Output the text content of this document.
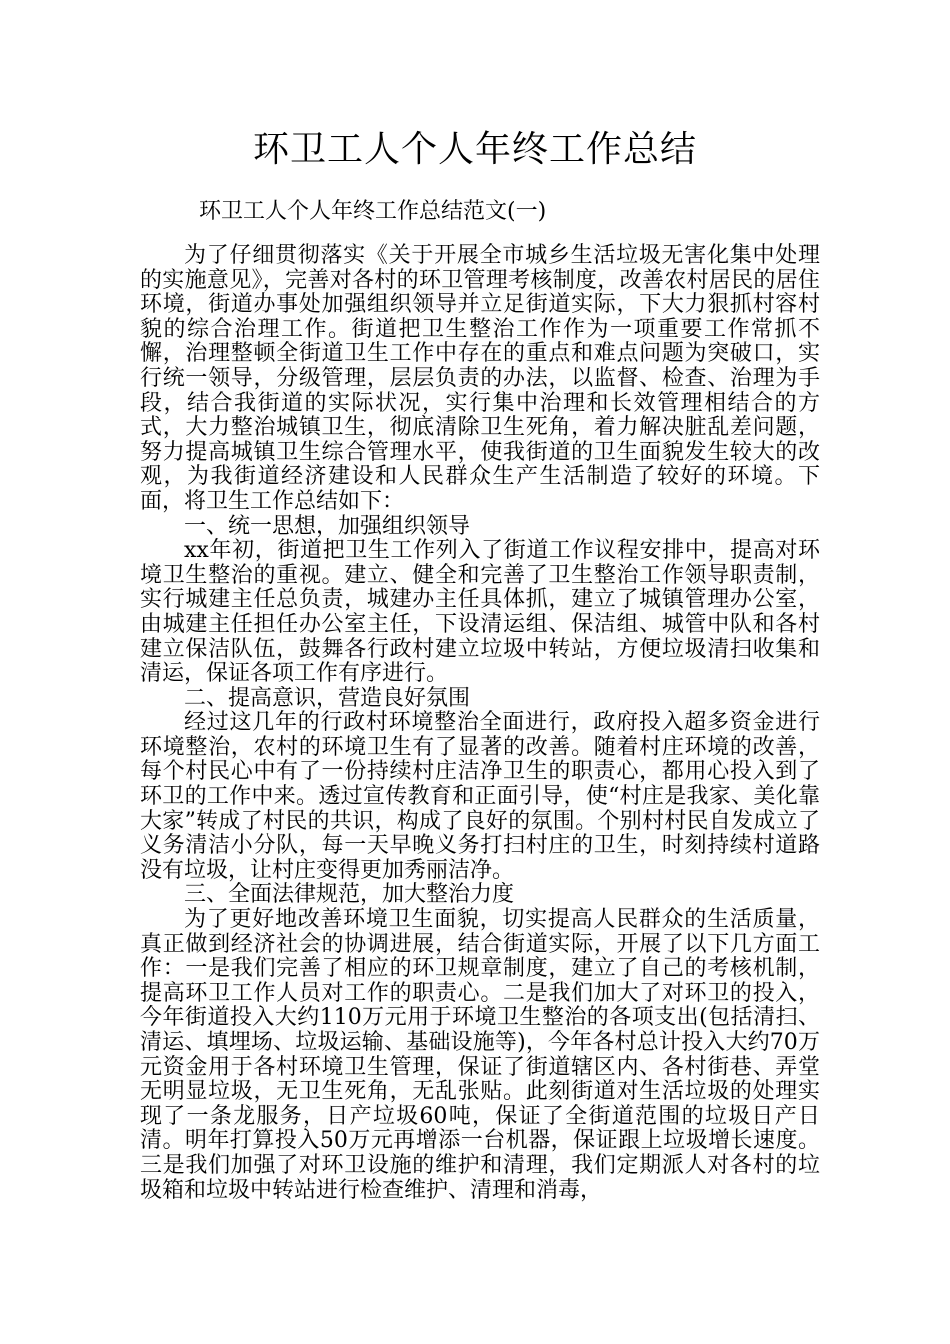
环卫工人个人年终工作总结

环卫工人个人年终工作总结范文(一)

为了仔细贯彻落实《关于开展全市城乡生活垃圾无害化集中处理的实施意见》，完善对各村的环卫管理考核制度，改善农村居民的居住环境，街道办事处加强组织领导并立足街道实际，下大力狠抓村容村貌的综合治理工作。街道把卫生整治工作作为一项重要工作常抓不懈，治理整顿全街道卫生工作中存在的重点和难点问题为突破口，实行统一领导，分级管理，层层负责的办法，以监督、检查、治理为手段，结合我街道的实际状况，实行集中治理和长效管理相结合的方式，大力整治城镇卫生，彻底清除卫生死角，着力解决脏乱差问题，努力提高城镇卫生综合管理水平，使我街道的卫生面貌发生较大的改观，为我街道经济建设和人民群众生产生活制造了较好的环境。下面，将卫生工作总结如下：

一、统一思想，加强组织领导

xx年初，街道把卫生工作列入了街道工作议程安排中，提高对环境卫生整治的重视。建立、健全和完善了卫生整治工作领导职责制，实行城建主任总负责，城建办主任具体抓，建立了城镇管理办公室，由城建主任担任办公室主任，下设清运组、保洁组、城管中队和各村建立保洁队伍，鼓舞各行政村建立垃圾中转站，方便垃圾清扫收集和清运，保证各项工作有序进行。

二、提高意识，营造良好氛围

经过这几年的行政村环境整治全面进行，政府投入超多资金进行环境整治，农村的环境卫生有了显著的改善。随着村庄环境的改善，每个村民心中有了一份持续村庄洁净卫生的职责心，都用心投入到了环卫的工作中来。透过宣传教育和正面引导，使“村庄是我家、美化靠大家”转成了村民的共识，构成了良好的氛围。个别村村民自发成立了义务清洁小分队，每一天早晚义务打扫村庄的卫生，时刻持续村道路没有垃圾，让村庄变得更加秀丽洁净。

三、全面法律规范，加大整治力度

为了更好地改善环境卫生面貌，切实提高人民群众的生活质量，真正做到经济社会的协调进展，结合街道实际，开展了以下几方面工作：一是我们完善了相应的环卫规章制度，建立了自己的考核机制，提高环卫工作人员对工作的职责心。二是我们加大了对环卫的投入，今年街道投入大约110万元用于环境卫生整治的各项支出(包括清扫、清运、填埋场、垃圾运输、基础设施等)，今年各村总计投入大约70万元资金用于各村环境卫生管理，保证了街道辖区内、各村街巷、弄堂无明显垃圾，无卫生死角，无乱张贴。此刻街道对生活垃圾的处理实现了一条龙服务，日产垃圾60吨，保证了全街道范围的垃圾日产日清。明年打算投入50万元再增添一台机器，保证跟上垃圾增长速度。三是我们加强了对环卫设施的维护和清理，我们定期派人对各村的垃圾箱和垃圾中转站进行检查维护、清理和消毒，
